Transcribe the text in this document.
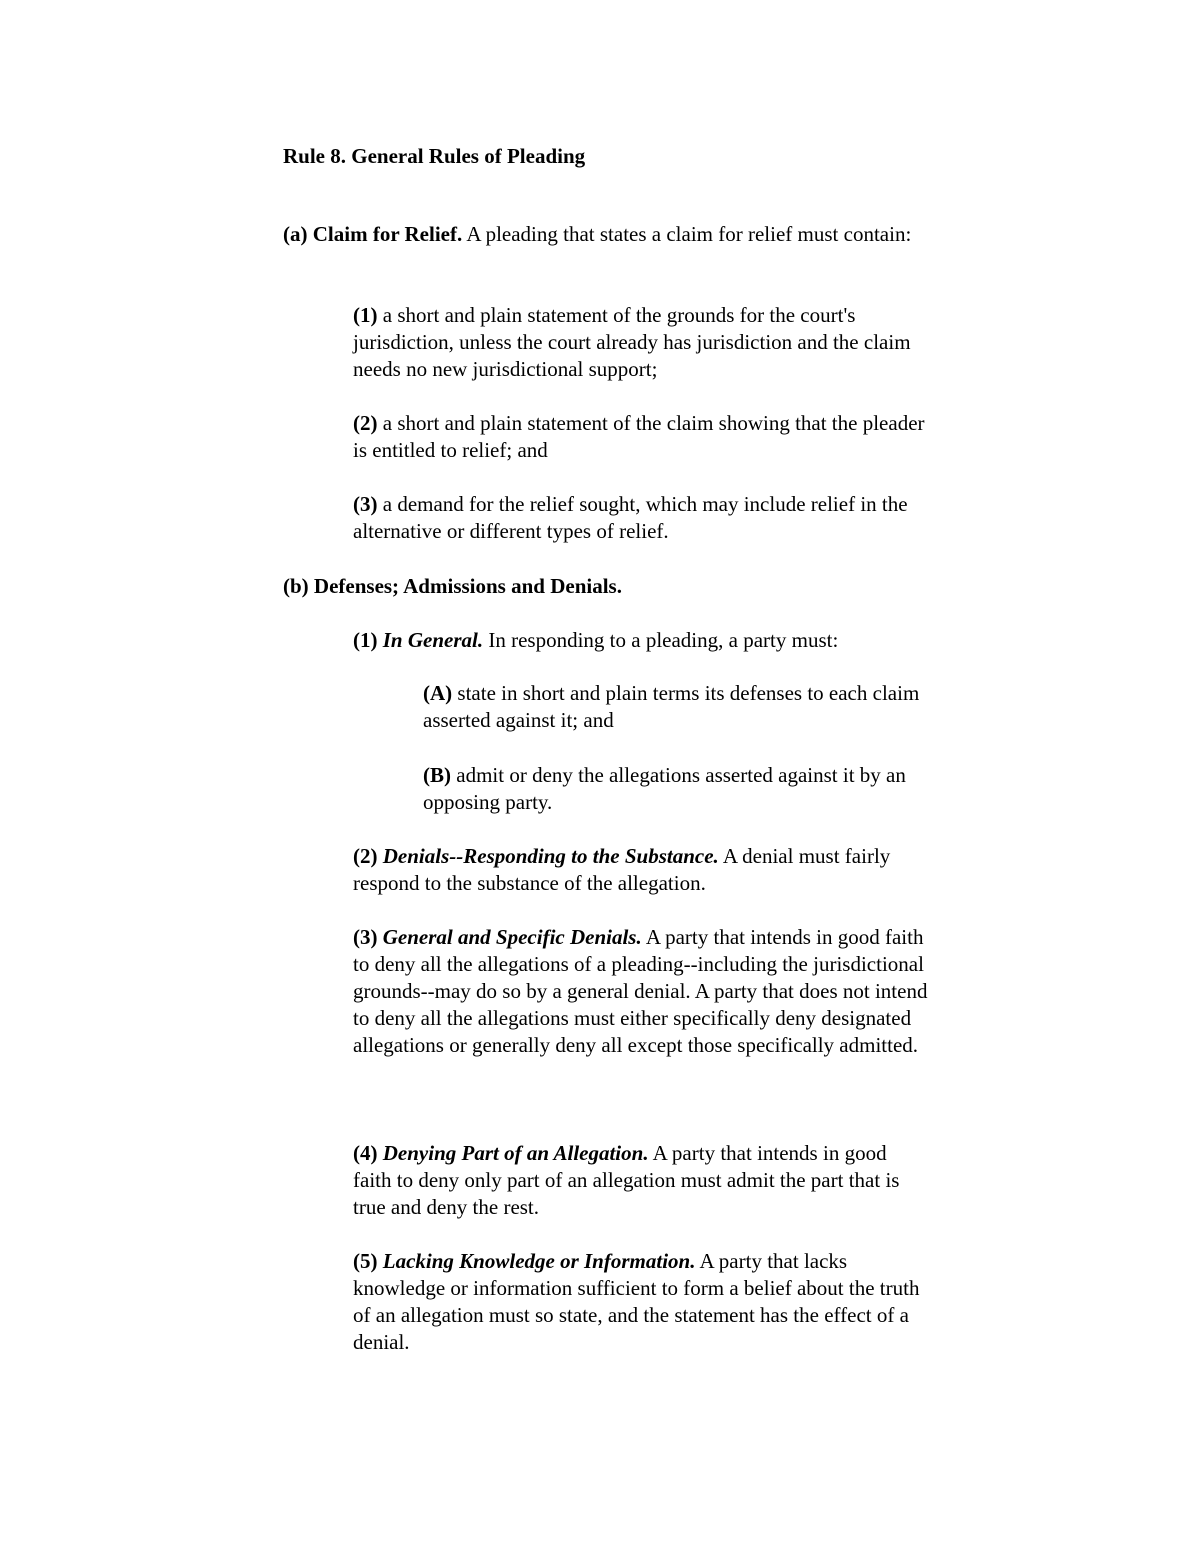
Rule 8. General Rules of Pleading

(a) Claim for Relief. A pleading that states a claim for relief must contain:

(1) a short and plain statement of the grounds for the court's jurisdiction, unless the court already has jurisdiction and the claim needs no new jurisdictional support;

(2) a short and plain statement of the claim showing that the pleader is entitled to relief; and

(3) a demand for the relief sought, which may include relief in the alternative or different types of relief.

(b) Defenses; Admissions and Denials.

(1) In General. In responding to a pleading, a party must:

(A) state in short and plain terms its defenses to each claim asserted against it; and

(B) admit or deny the allegations asserted against it by an opposing party.

(2) Denials--Responding to the Substance. A denial must fairly respond to the substance of the allegation.

(3) General and Specific Denials. A party that intends in good faith to deny all the allegations of a pleading--including the jurisdictional grounds--may do so by a general denial. A party that does not intend to deny all the allegations must either specifically deny designated allegations or generally deny all except those specifically admitted.

(4) Denying Part of an Allegation. A party that intends in good faith to deny only part of an allegation must admit the part that is true and deny the rest.

(5) Lacking Knowledge or Information. A party that lacks knowledge or information sufficient to form a belief about the truth of an allegation must so state, and the statement has the effect of a denial.
